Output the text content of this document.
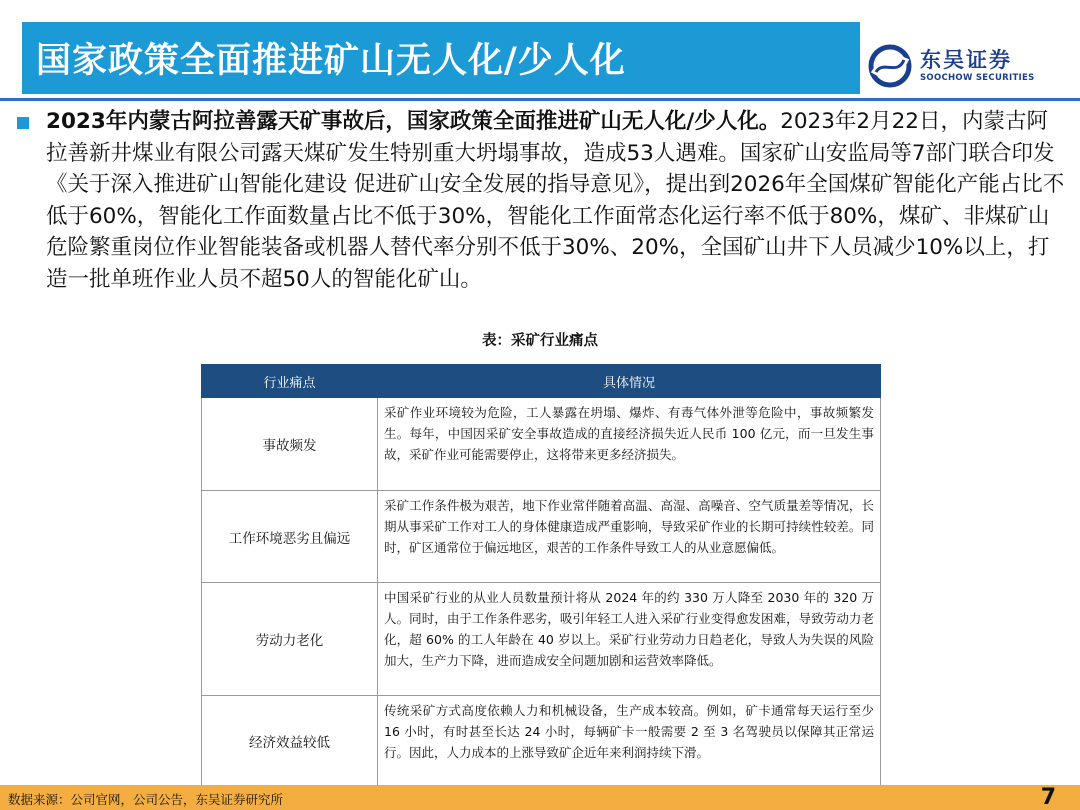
国家政策全面推进矿山无人化/少人化	东吴证券
SOOCHOW SECURITIES
2023年内蒙古阿拉善露天矿事故后，国家政策全面推进矿山无人化/少人化。2023年2月22日，内蒙古阿拉善新井煤业有限公司露天煤矿发生特别重大坍塌事故，造成53人遇难。国家矿山安监局等7部门联合印发《关于深入推进矿山智能化建设 促进矿山安全发展的指导意见》，提出到2026年全国煤矿智能化产能占比不低于60%，智能化工作面数量占比不低于30%，智能化工作面常态化运行率不低于80%，煤矿、非煤矿山危险繁重岗位作业智能装备或机器人替代率分别不低于30%、20%，全国矿山井下人员减少10%以上，打造一批单班作业人员不超50人的智能化矿山。
表：采矿行业痛点
行业痛点	具体情况
事故频发	采矿作业环境较为危险，工人暴露在坍塌、爆炸、有毒气体外泄等危险中，事故频繁发生。每年，中国因采矿安全事故造成的直接经济损失近人民币 100 亿元，而一旦发生事故，采矿作业可能需要停止，这将带来更多经济损失。
工作环境恶劣且偏远	采矿工作条件极为艰苦，地下作业常伴随着高温、高湿、高噪音、空气质量差等情况，长期从事采矿工作对工人的身体健康造成严重影响，导致采矿作业的长期可持续性较差。同时，矿区通常位于偏远地区，艰苦的工作条件导致工人的从业意愿偏低。
劳动力老化	中国采矿行业的从业人员数量预计将从 2024 年的约 330 万人降至 2030 年的 320 万人。同时，由于工作条件恶劣，吸引年轻工人进入采矿行业变得愈发困难，导致劳动力老化，超 60% 的工人年龄在 40 岁以上。采矿行业劳动力日趋老化，导致人为失误的风险加大，生产力下降，进而造成安全问题加剧和运营效率降低。
经济效益较低	传统采矿方式高度依赖人力和机械设备，生产成本较高。例如，矿卡通常每天运行至少 16 小时，有时甚至长达 24 小时，每辆矿卡一般需要 2 至 3 名驾驶员以保障其正常运行。因此，人力成本的上涨导致矿企近年来利润持续下滑。
数据来源：公司官网，公司公告，东吴证券研究所	7
